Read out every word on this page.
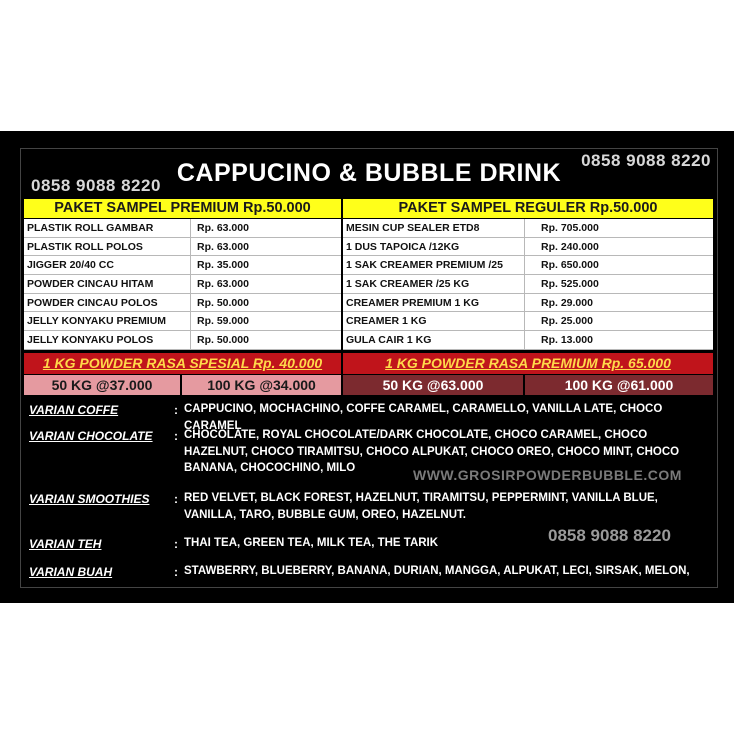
0858 9088 8220
0858 9088 8220
CAPPUCINO & BUBBLE DRINK
PAKET SAMPEL PREMIUM Rp.50.000
PLASTIK ROLL GAMBAR	Rp. 63.000
PLASTIK ROLL POLOS	Rp. 63.000
JIGGER 20/40 CC	Rp. 35.000
POWDER CINCAU HITAM	Rp. 63.000
POWDER CINCAU POLOS	Rp. 50.000
JELLY KONYAKU PREMIUM	Rp. 59.000
JELLY KONYAKU POLOS	Rp. 50.000
PAKET SAMPEL REGULER Rp.50.000
MESIN CUP SEALER ETD8	Rp. 705.000
1 DUS TAPOICA /12KG	Rp. 240.000
1 SAK CREAMER PREMIUM /25	Rp. 650.000
1 SAK CREAMER /25 KG	Rp. 525.000
CREAMER PREMIUM 1 KG	Rp. 29.000
CREAMER 1 KG	Rp. 25.000
GULA CAIR 1 KG	Rp. 13.000
1 KG POWDER RASA SPESIAL Rp. 40.000	1 KG POWDER RASA PREMIUM Rp. 65.000
50 KG @37.000	100 KG @34.000	50 KG @63.000	100 KG @61.000
VARIAN COFFE	: CAPPUCINO, MOCHACHINO, COFFE CARAMEL, CARAMELLO, VANILLA LATE, CHOCO CARAMEL
VARIAN CHOCOLATE : CHOCOLATE, ROYAL CHOCOLATE/DARK CHOCOLATE, CHOCO CARAMEL, CHOCO HAZELNUT, CHOCO TIRAMITSU, CHOCO ALPUKAT, CHOCO OREO, CHOCO MINT, CHOCO BANANA, CHOCOCHINO, MILO	WWW.GROSIRPOWDERBUBBLE.COM
VARIAN SMOOTHIES : RED VELVET, BLACK FOREST, HAZELNUT, TIRAMITSU, PEPPERMINT, VANILLA BLUE, VANILLA, TARO, BUBBLE GUM, OREO, HAZELNUT.
0858 9088 8220
VARIAN TEH	: THAI TEA, GREEN TEA, MILK TEA, THE TARIK
VARIAN BUAH	: STAWBERRY, BLUEBERRY, BANANA, DURIAN, MANGGA, ALPUKAT, LECI, SIRSAK, MELON,
